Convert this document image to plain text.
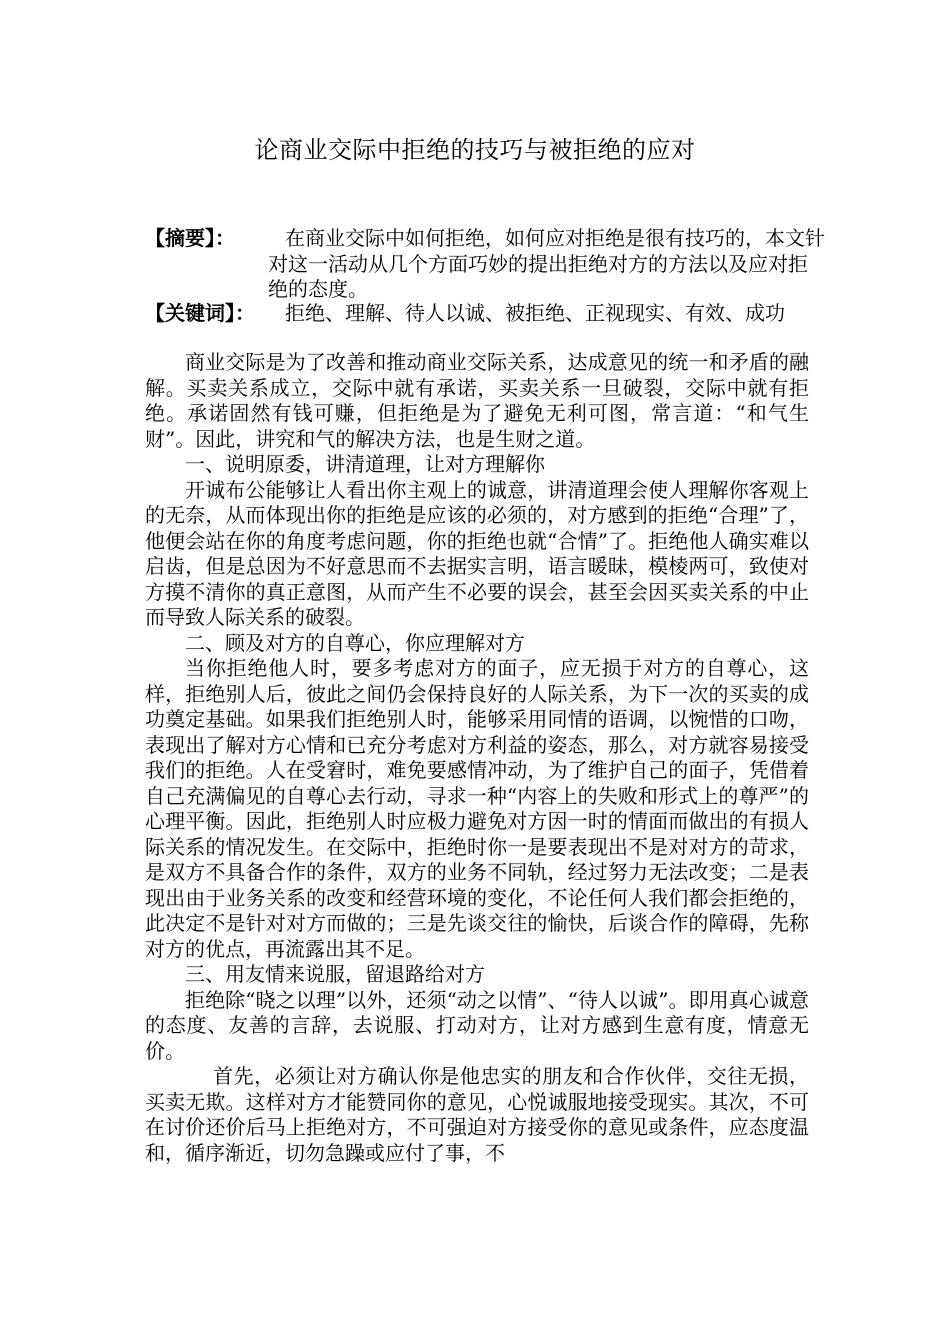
论商业交际中拒绝的技巧与被拒绝的应对
【摘要】：	在商业交际中如何拒绝，如何应对拒绝是很有技巧的，本文针对这一活动从几个方面巧妙的提出拒绝对方的方法以及应对拒绝的态度。
【关键词】：	拒绝、理解、待人以诚、被拒绝、正视现实、有效、成功

商业交际是为了改善和推动商业交际关系，达成意见的统一和矛盾的融解。买卖关系成立，交际中就有承诺，买卖关系一旦破裂，交际中就有拒绝。承诺固然有钱可赚，但拒绝是为了避免无利可图，常言道：“和气生财”。因此，讲究和气的解决方法，也是生财之道。

一、说明原委，讲清道理，让对方理解你

开诚布公能够让人看出你主观上的诚意，讲清道理会使人理解你客观上的无奈，从而体现出你的拒绝是应该的必须的，对方感到的拒绝“合理”了，他便会站在你的角度考虑问题，你的拒绝也就“合情”了。拒绝他人确实难以启齿，但是总因为不好意思而不去据实言明，语言暖昧，模棱两可，致使对方摸不清你的真正意图，从而产生不必要的误会，甚至会因买卖关系的中止而导致人际关系的破裂。

二、顾及对方的自尊心，你应理解对方

当你拒绝他人时，要多考虑对方的面子，应无损于对方的自尊心，这样，拒绝别人后，彼此之间仍会保持良好的人际关系，为下一次的买卖的成功奠定基础。如果我们拒绝别人时，能够采用同情的语调，以惋惜的口吻，表现出了解对方心情和已充分考虑对方利益的姿态，那么，对方就容易接受我们的拒绝。人在受窘时，难免要感情冲动，为了维护自己的面子，凭借着自己充满偏见的自尊心去行动，寻求一种“内容上的失败和形式上的尊严”的心理平衡。因此，拒绝别人时应极力避免对方因一时的情面而做出的有损人际关系的情况发生。在交际中，拒绝时你一是要表现出不是对对方的苛求，是双方不具备合作的条件，双方的业务不同轨，经过努力无法改变；二是表现出由于业务关系的改变和经营环境的变化，不论任何人我们都会拒绝的，此决定不是针对对方而做的；三是先谈交往的愉快，后谈合作的障碍，先称对方的优点，再流露出其不足。

三、用友情来说服，留退路给对方

拒绝除“晓之以理”以外，还须“动之以情”、“待人以诚”。即用真心诚意的态度、友善的言辞，去说服、打动对方，让对方感到生意有度，情意无价。

首先，必须让对方确认你是他忠实的朋友和合作伙伴，交往无损，买卖无欺。这样对方才能赞同你的意见，心悦诚服地接受现实。其次，不可在讨价还价后马上拒绝对方，不可强迫对方接受你的意见或条件，应态度温和，循序渐近，切勿急躁或应付了事，不
